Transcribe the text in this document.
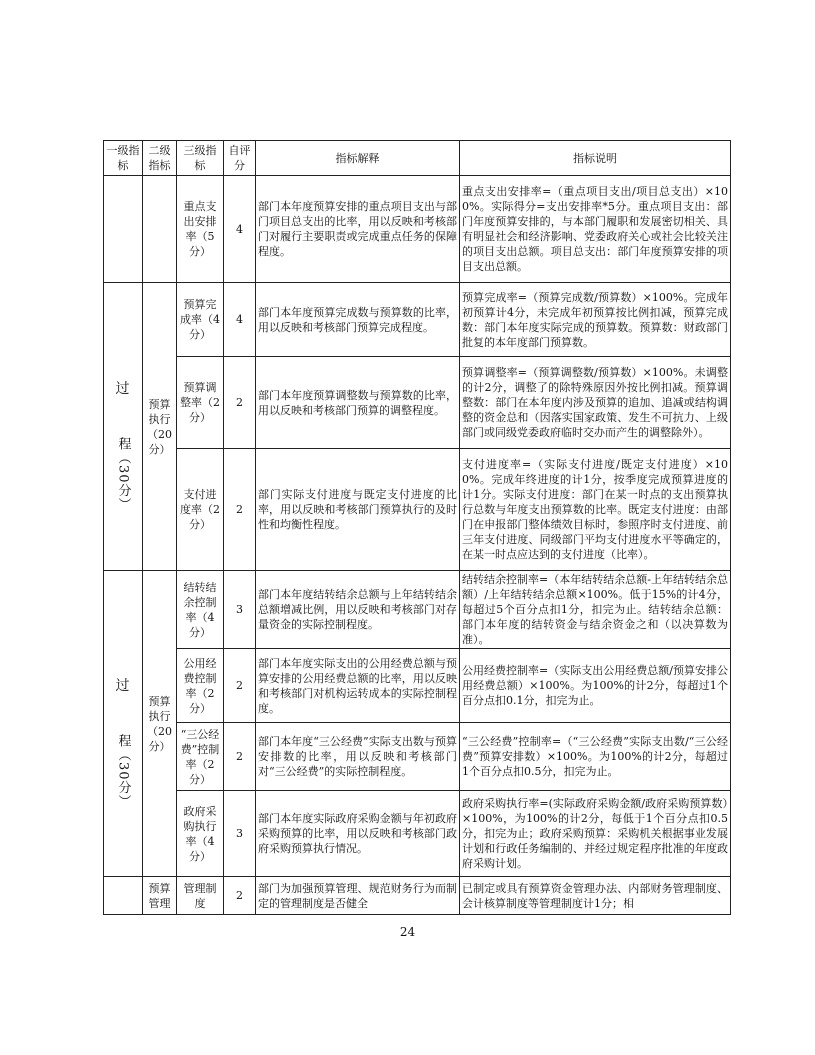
一级指标	二级指标	三级指标	自评分	指标解释	指标说明
		重点支出安排率（5分）	4	部门本年度预算安排的重点项目支出与部门项目总支出的比率，用以反映和考核部门对履行主要职责或完成重点任务的保障程度。	重点支出安排率=（重点项目支出/项目总支出）×100%。实际得分=支出安排率*5分。重点项目支出：部门年度预算安排的，与本部门履职和发展密切相关、具有明显社会和经济影响、党委政府关心或社会比较关注的项目支出总额。项目总支出：部门年度预算安排的项目支出总额。

过
程（30分）	预算执行（20分）	预算完成率（4分）	4	部门本年度预算完成数与预算数的比率，用以反映和考核部门预算完成程度。	预算完成率=（预算完成数/预算数）×100%。完成年初预算计4分，未完成年初预算按比例扣减，预算完成数：部门本年度实际完成的预算数。预算数：财政部门批复的本年度部门预算数。
		预算调整率（2分）	2	部门本年度预算调整数与预算数的比率，用以反映和考核部门预算的调整程度。	预算调整率=（预算调整数/预算数）×100%。未调整的计2分，调整了的除特殊原因外按比例扣减。预算调整数：部门在本年度内涉及预算的追加、追减或结构调整的资金总和（因落实国家政策、发生不可抗力、上级部门或同级党委政府临时交办而产生的调整除外）。
		支付进度率（2分）	2	部门实际支付进度与既定支付进度的比率，用以反映和考核部门预算执行的及时性和均衡性程度。	支付进度率=（实际支付进度/既定支付进度）×100%。完成年终进度的计1分，按季度完成预算进度的计1分。实际支付进度：部门在某一时点的支出预算执行总数与年度支出预算数的比率。既定支付进度：由部门在申报部门整体绩效目标时，参照序时支付进度、前三年支付进度、同级部门平均支付进度水平等确定的，在某一时点应达到的支付进度（比率）。

过
程（30分）	预算执行（20分）	结转结余控制率（4分）	3	部门本年度结转结余总额与上年结转结余总额增减比例，用以反映和考核部门对存量资金的实际控制程度。	结转结余控制率=（本年结转结余总额-上年结转结余总额）/上年结转结余总额×100%。低于15%的计4分，每超过5个百分点扣1分，扣完为止。结转结余总额：部门本年度的结转资金与结余资金之和（以决算数为准）。
		公用经费控制率（2分）	2	部门本年度实际支出的公用经费总额与预算安排的公用经费总额的比率，用以反映和考核部门对机构运转成本的实际控制程度。	公用经费控制率=（实际支出公用经费总额/预算安排公用经费总额）×100%。为100%的计2分，每超过1个百分点扣0.1分，扣完为止。
		“三公经费”控制率（2分）	2	部门本年度“三公经费”实际支出数与预算安排数的比率，用以反映和考核部门对“三公经费”的实际控制程度。	“三公经费”控制率=（“三公经费”实际支出数/“三公经费”预算安排数）×100%。为100%的计2分，每超过1个百分点扣0.5分，扣完为止。
		政府采购执行率（4分）	3	部门本年度实际政府采购金额与年初政府采购预算的比率，用以反映和考核部门政府采购预算执行情况。	政府采购执行率=(实际政府采购金额/政府采购预算数）×100%，为100%的计2分，每低于1个百分点扣0.5分，扣完为止；政府采购预算：采购机关根据事业发展计划和行政任务编制的、并经过规定程序批准的年度政府采购计划。
	预算管理	管理制度	2	部门为加强预算管理、规范财务行为而制定的管理制度是否健全	已制定或具有预算资金管理办法、内部财务管理制度、会计核算制度等管理制度计1分；相
24
